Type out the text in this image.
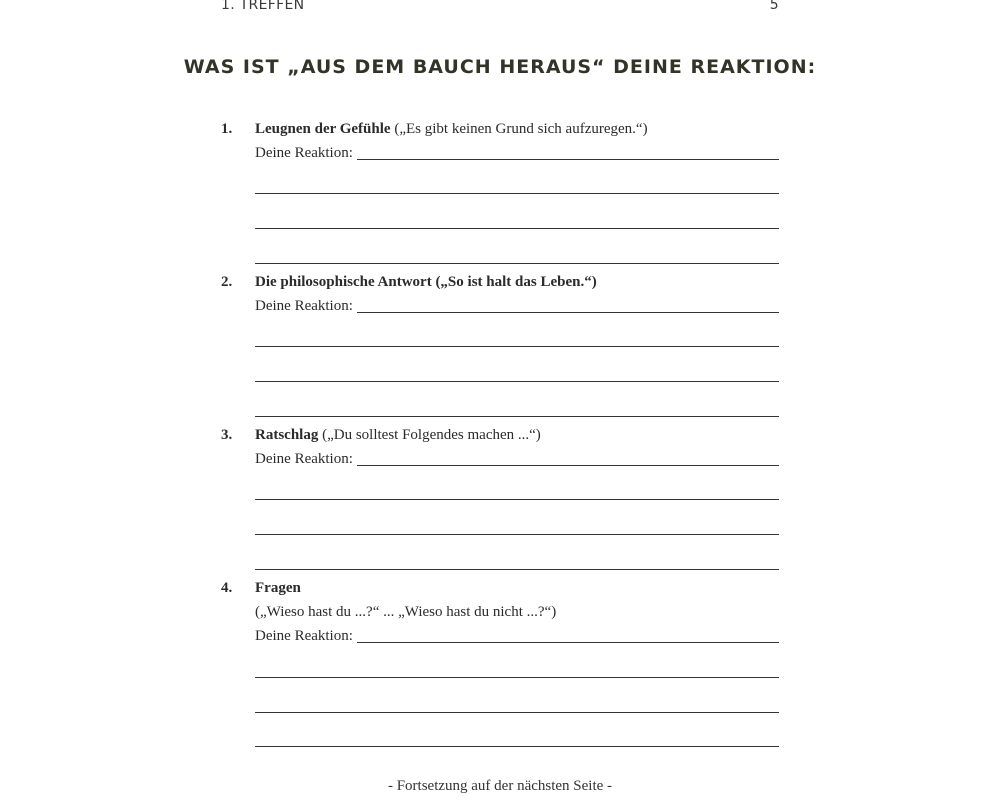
1. TREFFEN	5
WAS IST „AUS DEM BAUCH HERAUS“ DEINE REAKTION:
1. Leugnen der Gefühle („Es gibt keinen Grund sich aufzuregen.“)
Deine Reaktion:
2. Die philosophische Antwort („So ist halt das Leben.“)
Deine Reaktion:
3. Ratschlag („Du solltest Folgendes machen ...“)
Deine Reaktion:
4. Fragen
(„Wieso hast du ...?“ ... „Wieso hast du nicht ...?“)
Deine Reaktion:
- Fortsetzung auf der nächsten Seite -
